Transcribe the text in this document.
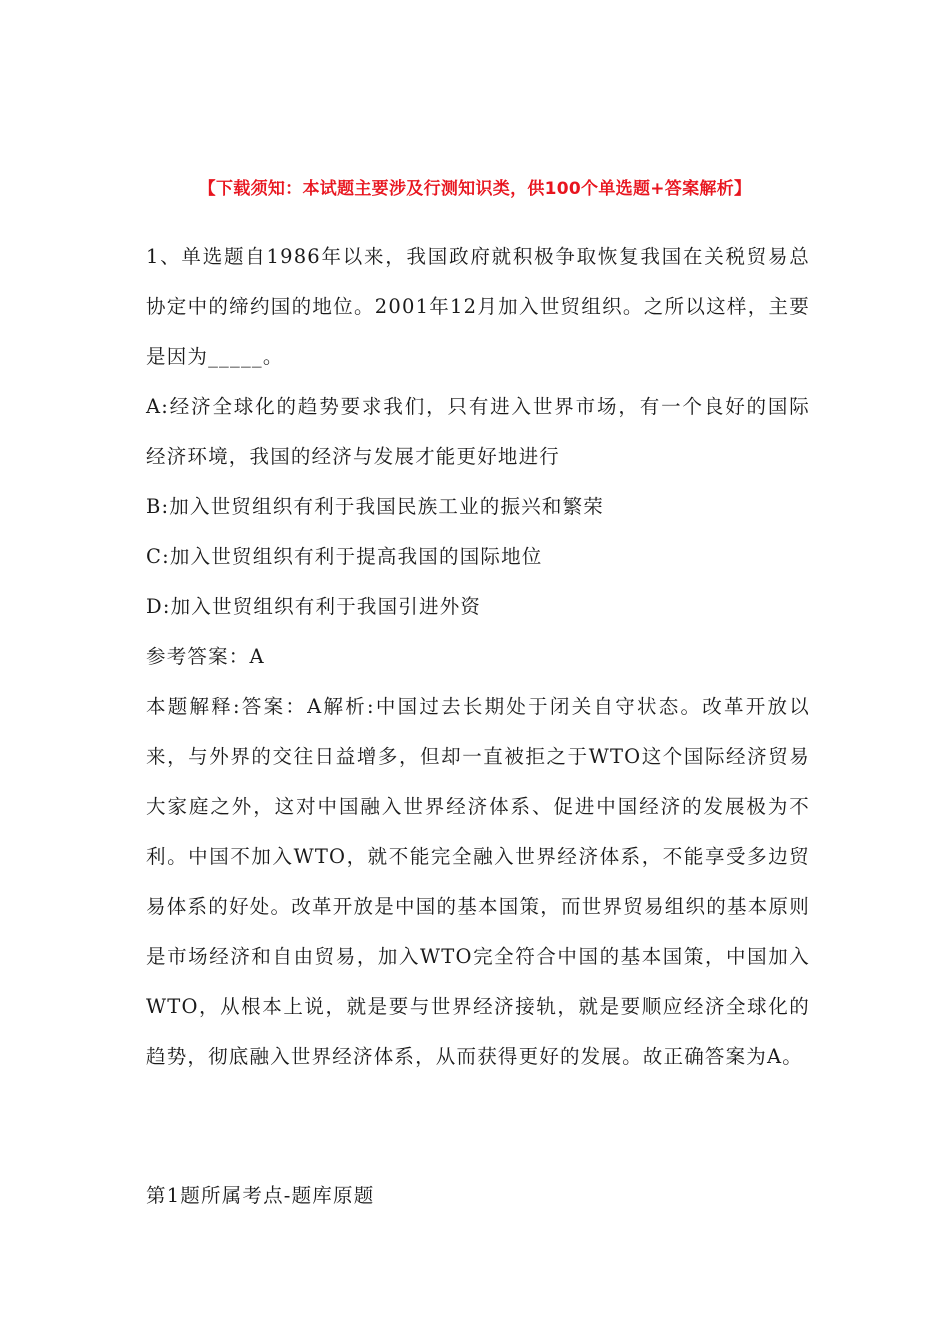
【下载须知：本试题主要涉及行测知识类，供100个单选题+答案解析】

1、单选题自1986年以来，我国政府就积极争取恢复我国在关税贸易总协定中的缔约国的地位。2001年12月加入世贸组织。之所以这样，主要是因为_____。

A:经济全球化的趋势要求我们，只有进入世界市场，有一个良好的国际经济环境，我国的经济与发展才能更好地进行

B:加入世贸组织有利于我国民族工业的振兴和繁荣

C:加入世贸组织有利于提高我国的国际地位

D:加入世贸组织有利于我国引进外资

参考答案：A

本题解释:答案：A解析:中国过去长期处于闭关自守状态。改革开放以来，与外界的交往日益增多，但却一直被拒之于WTO这个国际经济贸易大家庭之外，这对中国融入世界经济体系、促进中国经济的发展极为不利。中国不加入WTO，就不能完全融入世界经济体系，不能享受多边贸易体系的好处。改革开放是中国的基本国策，而世界贸易组织的基本原则是市场经济和自由贸易，加入WTO完全符合中国的基本国策，中国加入WTO，从根本上说，就是要与世界经济接轨，就是要顺应经济全球化的趋势，彻底融入世界经济体系，从而获得更好的发展。故正确答案为A。

第1题所属考点-题库原题
